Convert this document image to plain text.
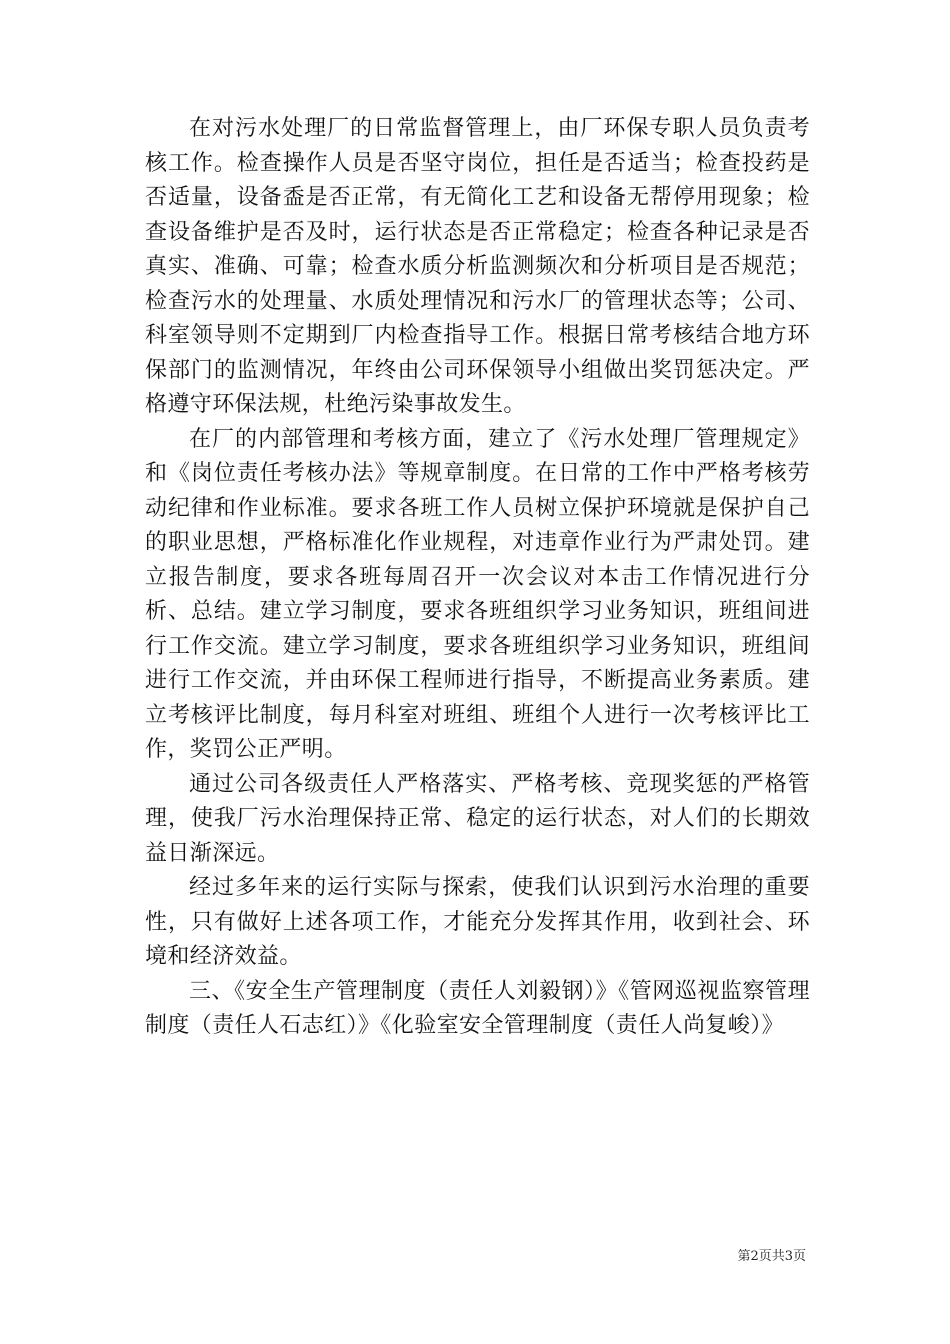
在对污水处理厂的日常监督管理上，由厂环保专职人员负责考核工作。检查操作人员是否坚守岗位，担任是否适当；检查投药是否适量，设备盉是否正常，有无简化工艺和设备无帮停用现象；检查设备维护是否及时，运行状态是否正常稳定；检查各种记录是否真实、准确、可靠；检查水质分析监测频次和分析项目是否规范；检查污水的处理量、水质处理情况和污水厂的管理状态等；公司、科室领导则不定期到厂内检查指导工作。根据日常考核结合地方环保部门的监测情况，年终由公司环保领导小组做出奖罚惩决定。严格遵守环保法规，杜绝污染事故发生。

在厂的内部管理和考核方面，建立了《污水处理厂管理规定》和《岗位责任考核办法》等规章制度。在日常的工作中严格考核劳动纪律和作业标准。要求各班工作人员树立保护环境就是保护自己的职业思想，严格标准化作业规程，对违章作业行为严肃处罚。建立报告制度，要求各班每周召开一次会议对本击工作情况进行分析、总结。建立学习制度，要求各班组织学习业务知识，班组间进行工作交流。建立学习制度，要求各班组织学习业务知识，班组间进行工作交流，并由环保工程师进行指导，不断提高业务素质。建立考核评比制度，每月科室对班组、班组个人进行一次考核评比工作，奖罚公正严明。

通过公司各级责任人严格落实、严格考核、竞现奖惩的严格管理，使我厂污水治理保持正常、稳定的运行状态，对人们的长期效益日渐深远。

经过多年来的运行实际与探索，使我们认识到污水治理的重要性，只有做好上述各项工作，才能充分发挥其作用，收到社会、环境和经济效益。

三、《安全生产管理制度（责任人刘毅钢）》《管网巡视监察管理制度（责任人石志红）》《化验室安全管理制度（责任人尚复峻）》

第2页共3页
